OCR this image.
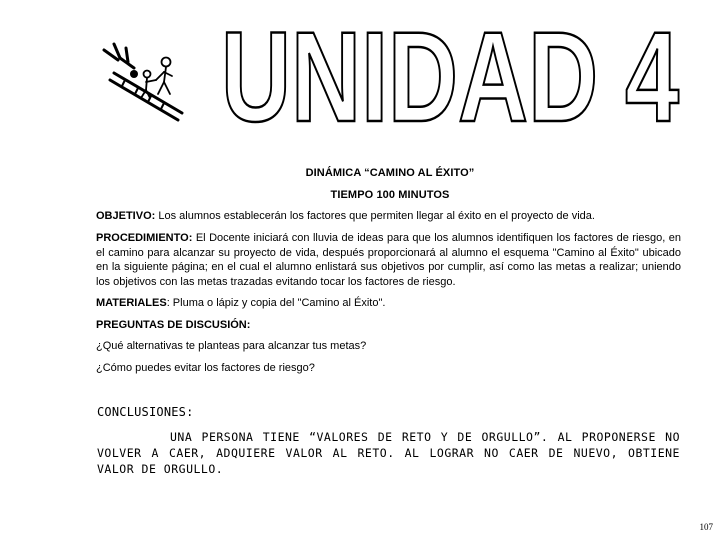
UNIDAD 4
DINÁMICA “CAMINO AL ÉXITO”
TIEMPO 100 MINUTOS
OBJETIVO: Los alumnos establecerán los factores que permiten llegar al éxito en el proyecto de vida.
PROCEDIMIENTO: El Docente iniciará con lluvia de ideas para que los alumnos identifiquen los factores de riesgo, en el camino para alcanzar su proyecto de vida, después proporcionará al alumno el esquema "Camino al Éxito" ubicado en la siguiente página; en el cual el alumno enlistará sus objetivos por cumplir, así como las metas a realizar; uniendo los objetivos con las metas trazadas evitando tocar los factores de riesgo.
MATERIALES: Pluma o lápiz y copia del "Camino al Éxito".
PREGUNTAS DE DISCUSIÓN:
¿Qué alternativas te planteas para alcanzar tus metas?
¿Cómo puedes evitar los factores de riesgo?
CONCLUSIONES:
UNA PERSONA TIENE “VALORES DE RETO Y DE ORGULLO”. AL PROPONERSE NO VOLVER A CAER, ADQUIERE VALOR AL RETO. AL LOGRAR NO CAER DE NUEVO, OBTIENE VALOR DE ORGULLO.
107
